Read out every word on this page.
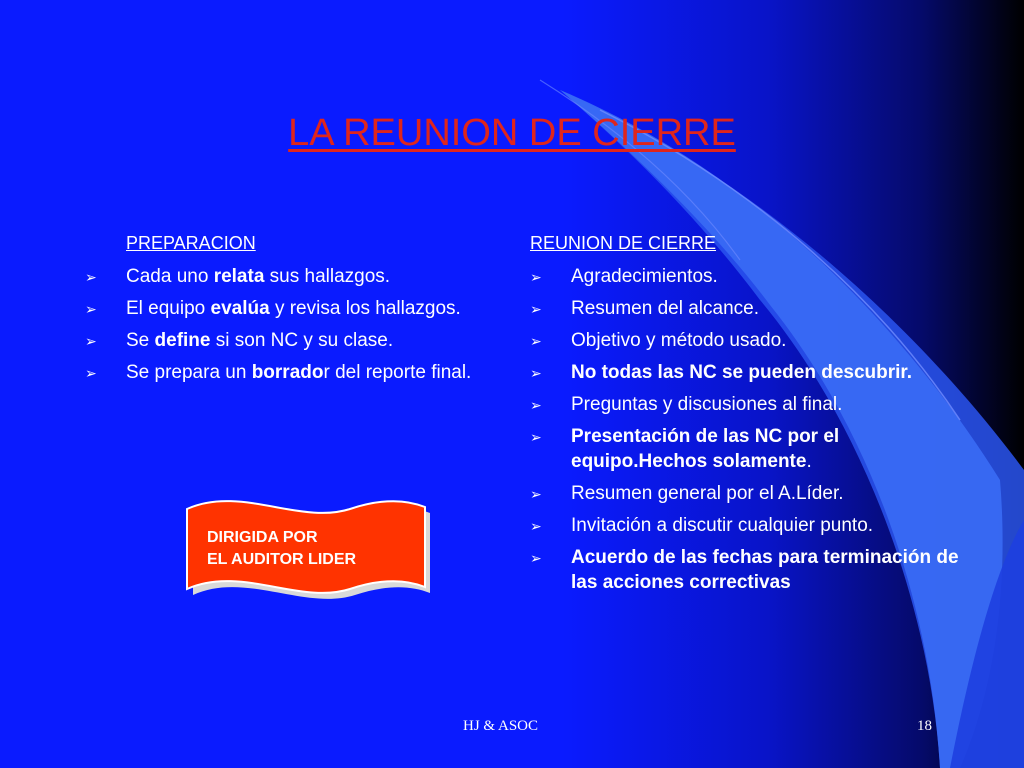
LA REUNION DE CIERRE
PREPARACION
➢ Cada uno relata sus hallazgos.
➢ El equipo evalúa y revisa los hallazgos.
➢ Se define si son NC y su clase.
➢ Se prepara un borrador del reporte final.
REUNION DE CIERRE
➢ Agradecimientos.
➢ Resumen del alcance.
➢ Objetivo y método usado.
➢ No todas las NC se pueden descubrir.
➢ Preguntas y discusiones al final.
➢ Presentación de las NC por el equipo.Hechos solamente.
➢ Resumen general por el A.Líder.
➢ Invitación a discutir cualquier punto.
➢ Acuerdo de las fechas para terminación de las acciones correctivas
DIRIGIDA POR
EL AUDITOR LIDER
HJ & ASOC	18
